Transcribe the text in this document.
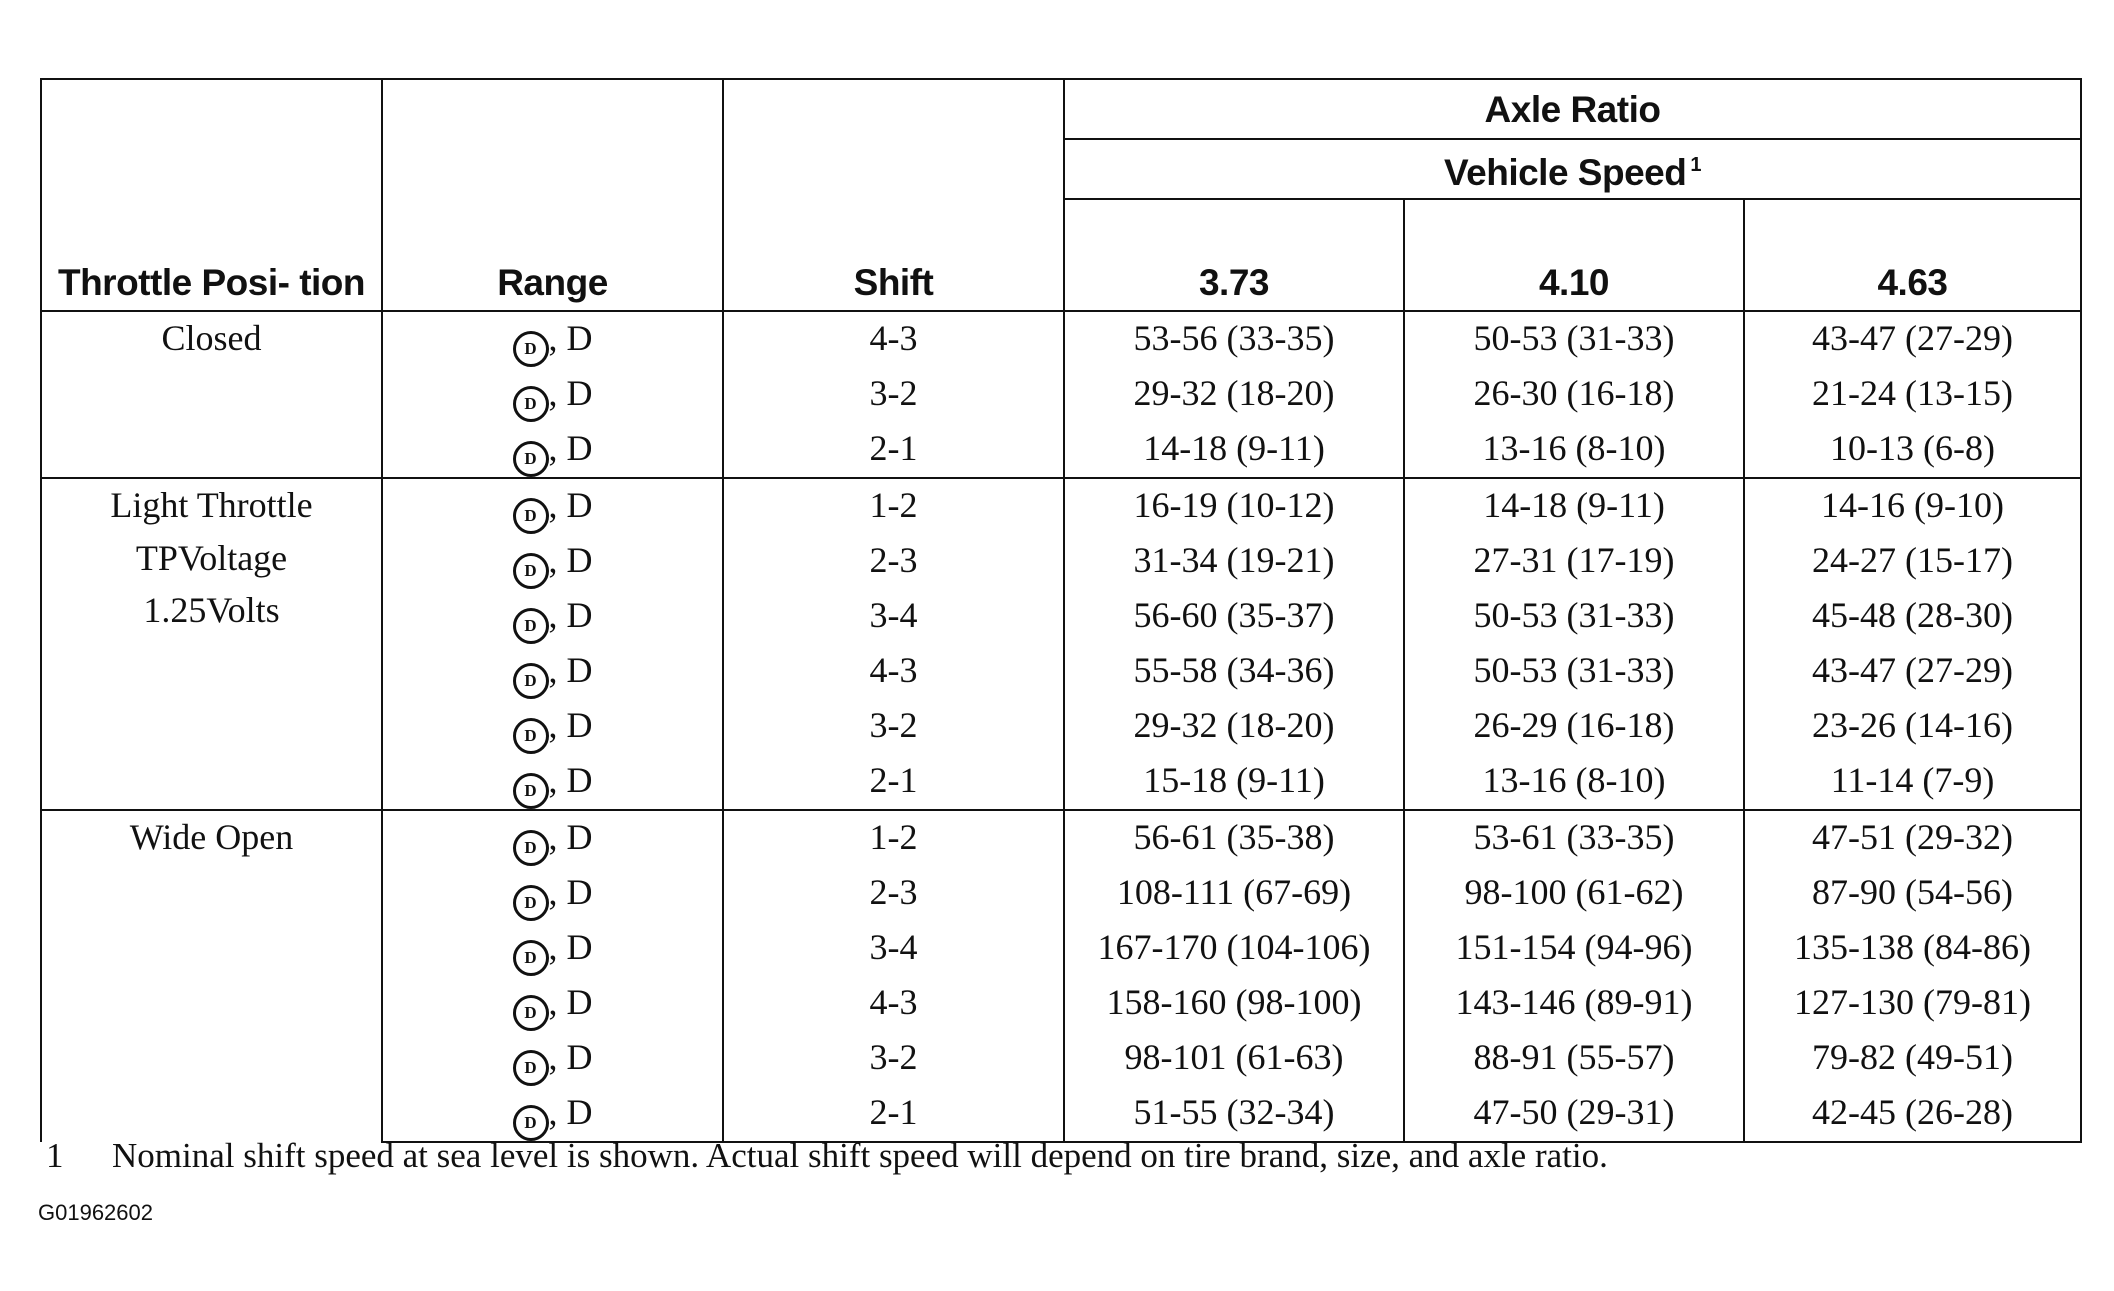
Throttle Posi- tion	Range	Shift	Axle Ratio		
			Vehicle Speed $^1$
			3.73	4.10	4.63

Closed	D , D	4-3	53-56 (33-35)	50-53 (31-33)	43-47 (27-29)
	D , D	3-2	29-32 (18-20)	26-30 (16-18)	21-24 (13-15)
	D , D	2-1	14-18 (9-11)	13-16 (8-10)	10-13 (6-8)

Light Throttle
TPVoltage
1.25Volts	D , D	1-2	16-19 (10-12)	14-18 (9-11)	14-16 (9-10)
	D , D	2-3	31-34 (19-21)	27-31 (17-19)	24-27 (15-17)
	D , D	3-4	56-60 (35-37)	50-53 (31-33)	45-48 (28-30)
	D , D	4-3	55-58 (34-36)	50-53 (31-33)	43-47 (27-29)
	D , D	3-2	29-32 (18-20)	26-29 (16-18)	23-26 (14-16)
	D , D	2-1	15-18 (9-11)	13-16 (8-10)	11-14 (7-9)

Wide Open	D , D	1-2	56-61 (35-38)	53-61 (33-35)	47-51 (29-32)
	D , D	2-3	108-111 (67-69)	98-100 (61-62)	87-90 (54-56)
	D , D	3-4	167-170 (104-106)	151-154 (94-96)	135-138 (84-86)
	D , D	4-3	158-160 (98-100)	143-146 (89-91)	127-130 (79-81)
	D , D	3-2	98-101 (61-63)	88-91 (55-57)	79-82 (49-51)
	D , D	2-1	51-55 (32-34)	47-50 (29-31)	42-45 (26-28)
1 Nominal shift speed at sea level is shown. Actual shift speed will depend on tire brand, size, and axle ratio.
G01962602
